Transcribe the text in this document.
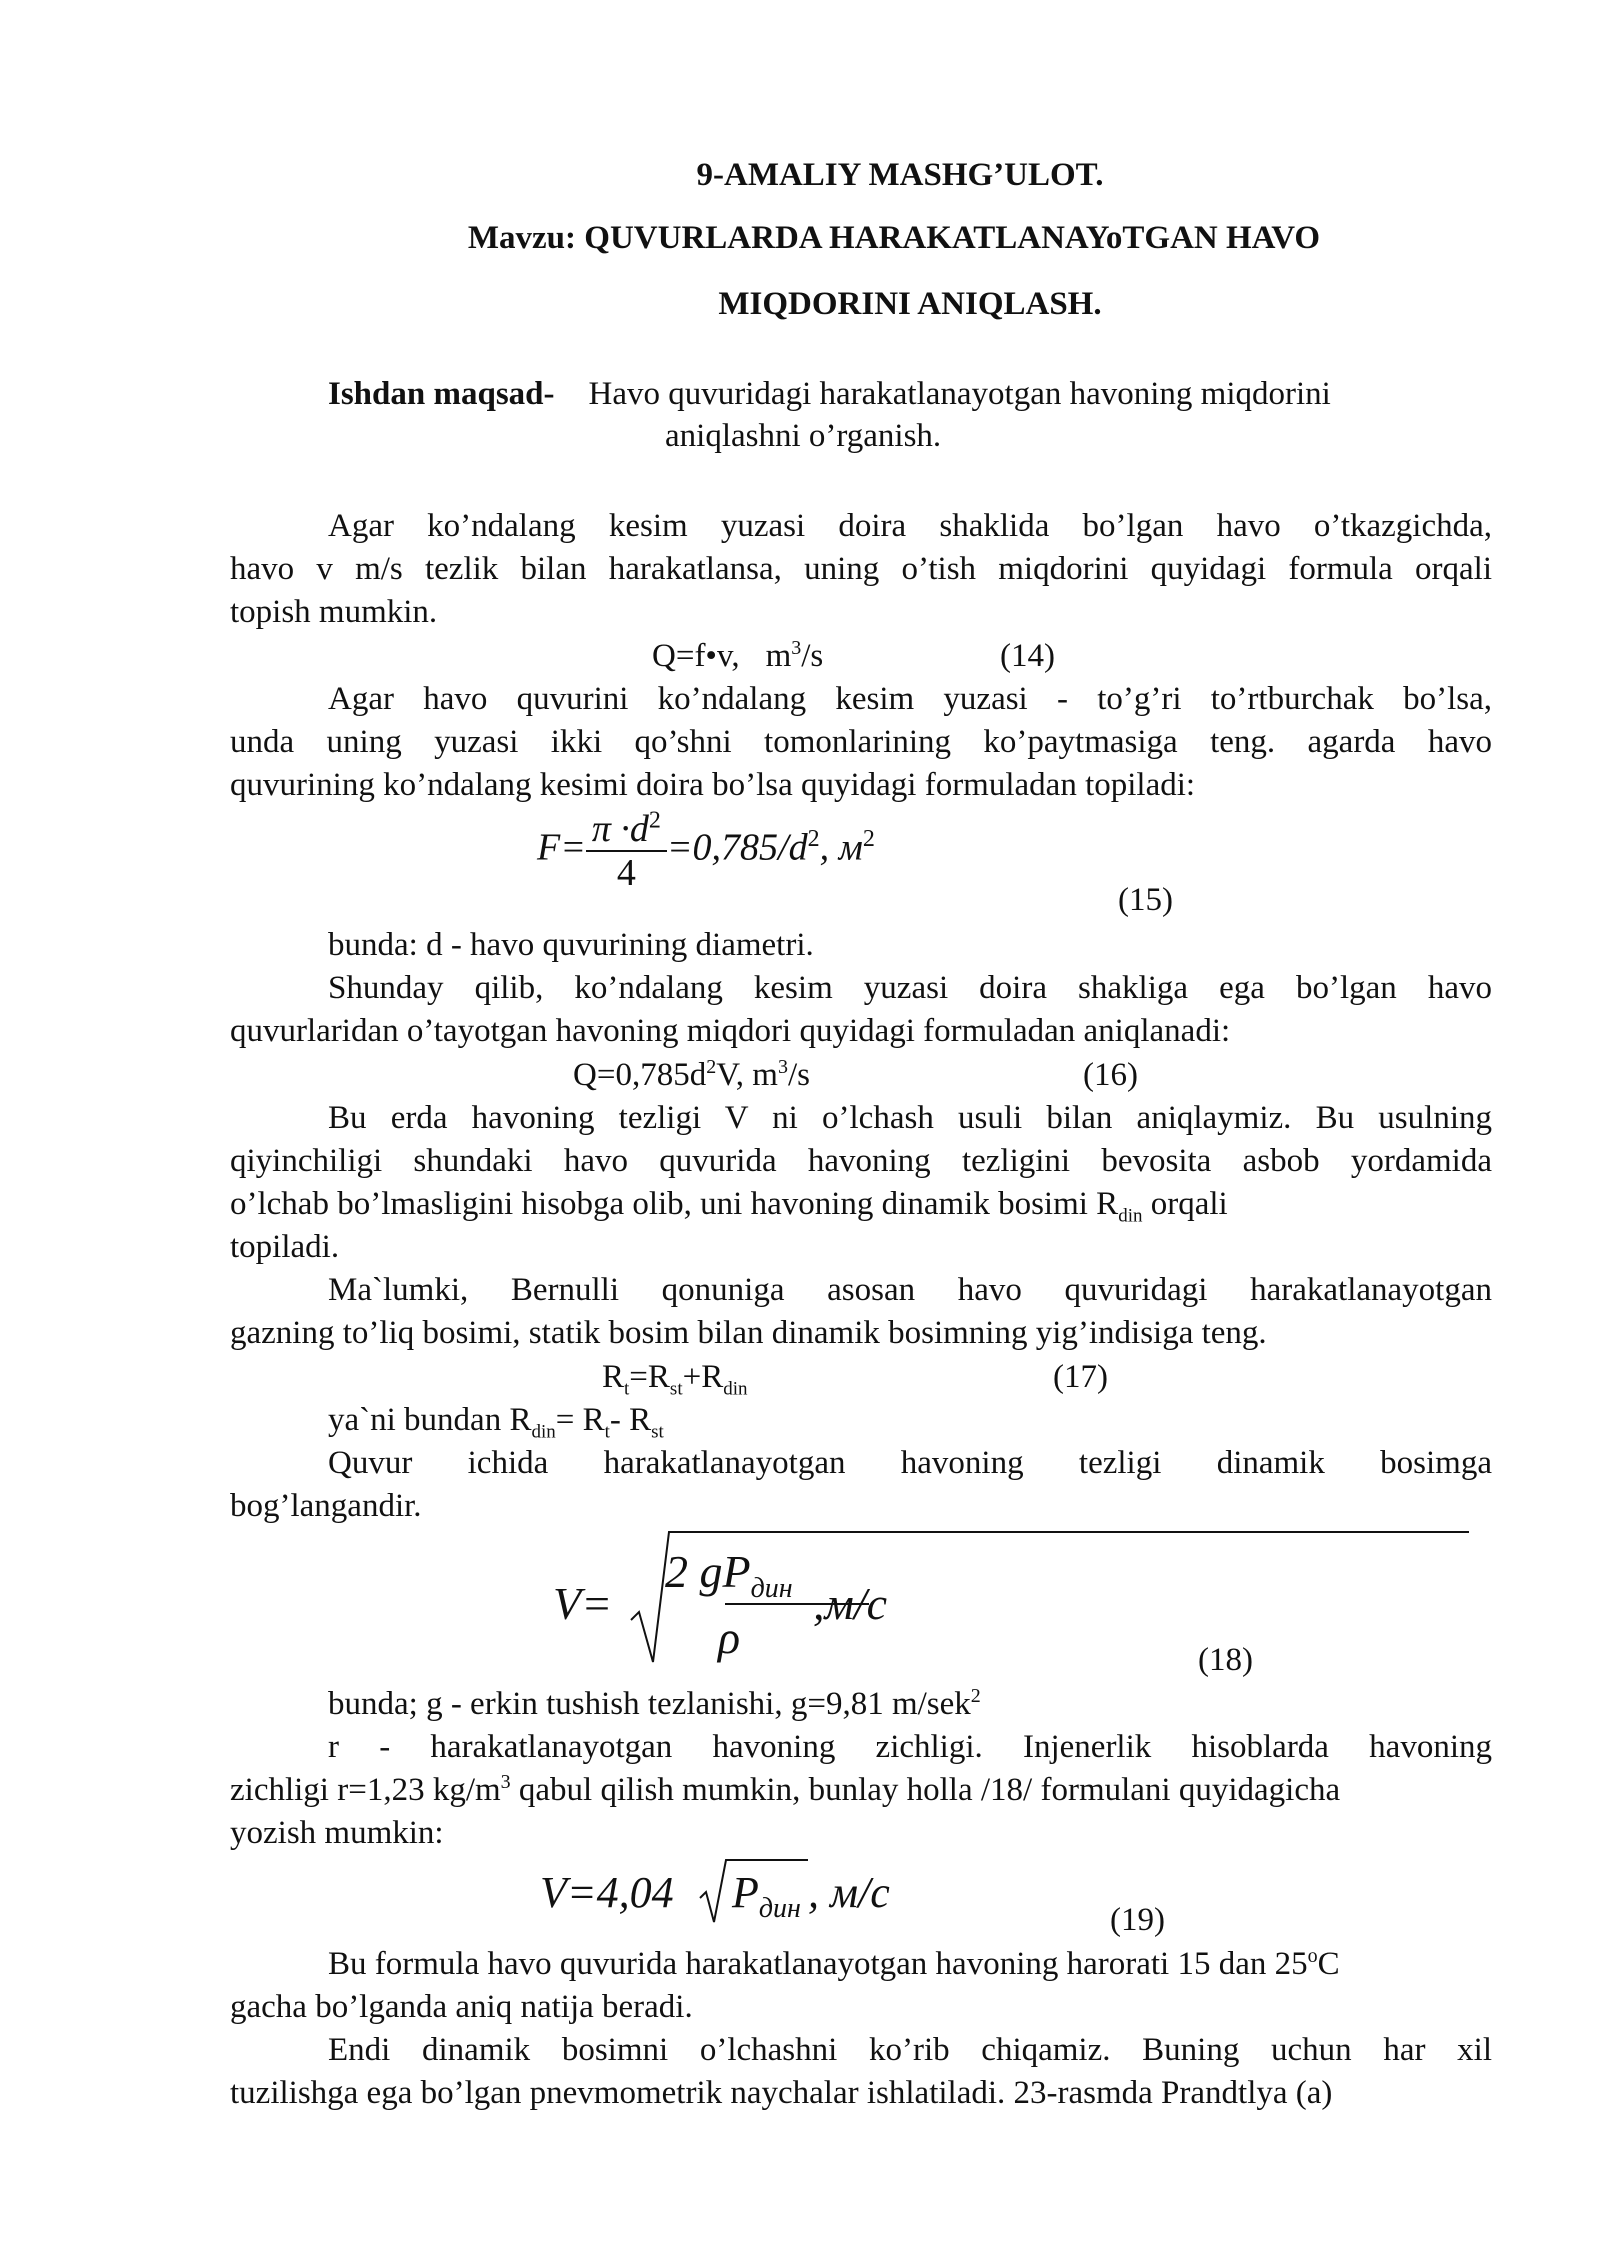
9-AMALIY MASHG’ULOT.
Mavzu: QUVURLARDA HARAKATLANAYoTGAN HAVO
MIQDORINI ANIQLASH.
Ishdan maqsad- Havo quvuridagi harakatlanayotgan havoning miqdorini
aniqlashni o’rganish.
Agar ko’ndalang kesim yuzasi doira shaklida bo’lgan havo o’tkazgichda,
havo v m/s tezlik bilan harakatlansa, uning o’tish miqdorini quyidagi formula orqali
topish mumkin.
Q=f•v, $m^3/s$	(14)
Agar havo quvurini ko’ndalang kesim yuzasi - to’g’ri to’rtburchak bo’lsa,
unda uning yuzasi ikki qo’shni tomonlarining ko’paytmasiga teng. agarda havo
quvurining ko’ndalang kesimi doira bo’lsa quyidagi formuladan topiladi:
$F= \frac{\pi \cdot d^2}{4} =0,785/d^2$, $м^2$
(15)
bunda: d - havo quvurining diametri.
Shunday qilib, ko’ndalang kesim yuzasi doira shakliga ega bo’lgan havo
quvurlaridan o’tayotgan havoning miqdori quyidagi formuladan aniqlanadi:
$Q=0,785d^2V$, $m^3/s$	(16)
Bu erda havoning tezligi V ni o’lchash usuli bilan aniqlaymiz. Bu usulning
qiyinchiligi shundaki havo quvurida havoning tezligini bevosita asbob yordamida
o’lchab bo’lmasligini hisobga olib, uni havoning dinamik bosimi $R_{din}$ orqali
topiladi.
Ma`lumki, Bernulli qonuniga asosan havo quvuridagi harakatlanayotgan
gazning to’liq bosimi, statik bosim bilan dinamik bosimning yig’indisiga teng.
$R_t=R_{st}+R_{din}$	(17)
ya`ni bundan $R_{din}= R_t-$ $R_{st}$
Quvur ichida harakatlanayotgan havoning tezligi dinamik bosimga
bog’langandir.
V=
2 $gP_{дин}$
ρ
,м/с
(18)
bunda; g - erkin tushish tezlanishi, g=9,81 m/sek$^2$
r - harakatlanayotgan havoning zichligi. Injenerlik hisoblarda havoning
zichligi r=1,23 $kg/m^3$ qabul qilish mumkin, bunlay holla /18/ formulani quyidagicha
yozish mumkin:
V=4,04 $P_{дин}$ , м/с
(19)
Bu formula havo quvurida harakatlanayotgan havoning harorati 15 dan 25$^o$C
gacha bo’lganda aniq natija beradi.
Endi dinamik bosimni o’lchashni ko’rib chiqamiz. Buning uchun har xil
tuzilishga ega bo’lgan pnevmometrik naychalar ishlatiladi. 23-rasmda Prandtlya (a)
